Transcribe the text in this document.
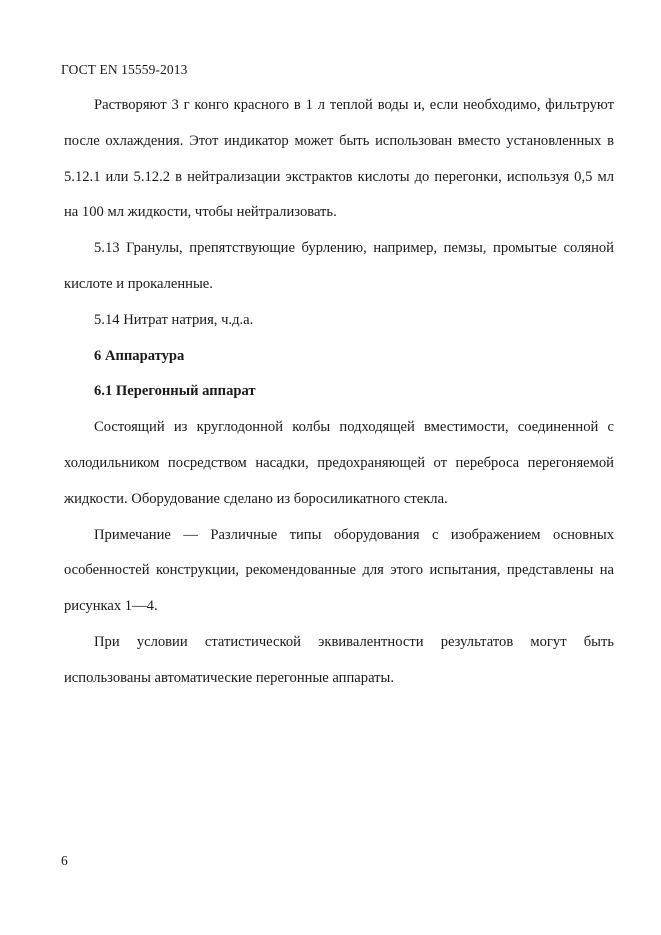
ГОСТ EN 15559-2013

Растворяют 3 г конго красного в 1 л теплой воды и, если необходимо, фильтруют после охлаждения. Этот индикатор может быть использован вместо установленных в 5.12.1 или 5.12.2 в нейтрализации экстрактов кислоты до перегонки, используя 0,5 мл на 100 мл жидкости, чтобы нейтрализовать.

5.13 Гранулы, препятствующие бурлению, например, пемзы, промытые соляной кислоте и прокаленные.

5.14 Нитрат натрия, ч.д.а.

6 Аппаратура

6.1 Перегонный аппарат

Состоящий из круглодонной колбы подходящей вместимости, соединенной с холодильником посредством насадки, предохраняющей от переброса перегоняемой жидкости. Оборудование сделано из боросиликатного стекла.

Примечание — Различные типы оборудования с изображением основных особенностей конструкции, рекомендованные для этого испытания, представлены на рисунках 1—4.

При условии статистической эквивалентности результатов могут быть использованы автоматические перегонные аппараты.

6
